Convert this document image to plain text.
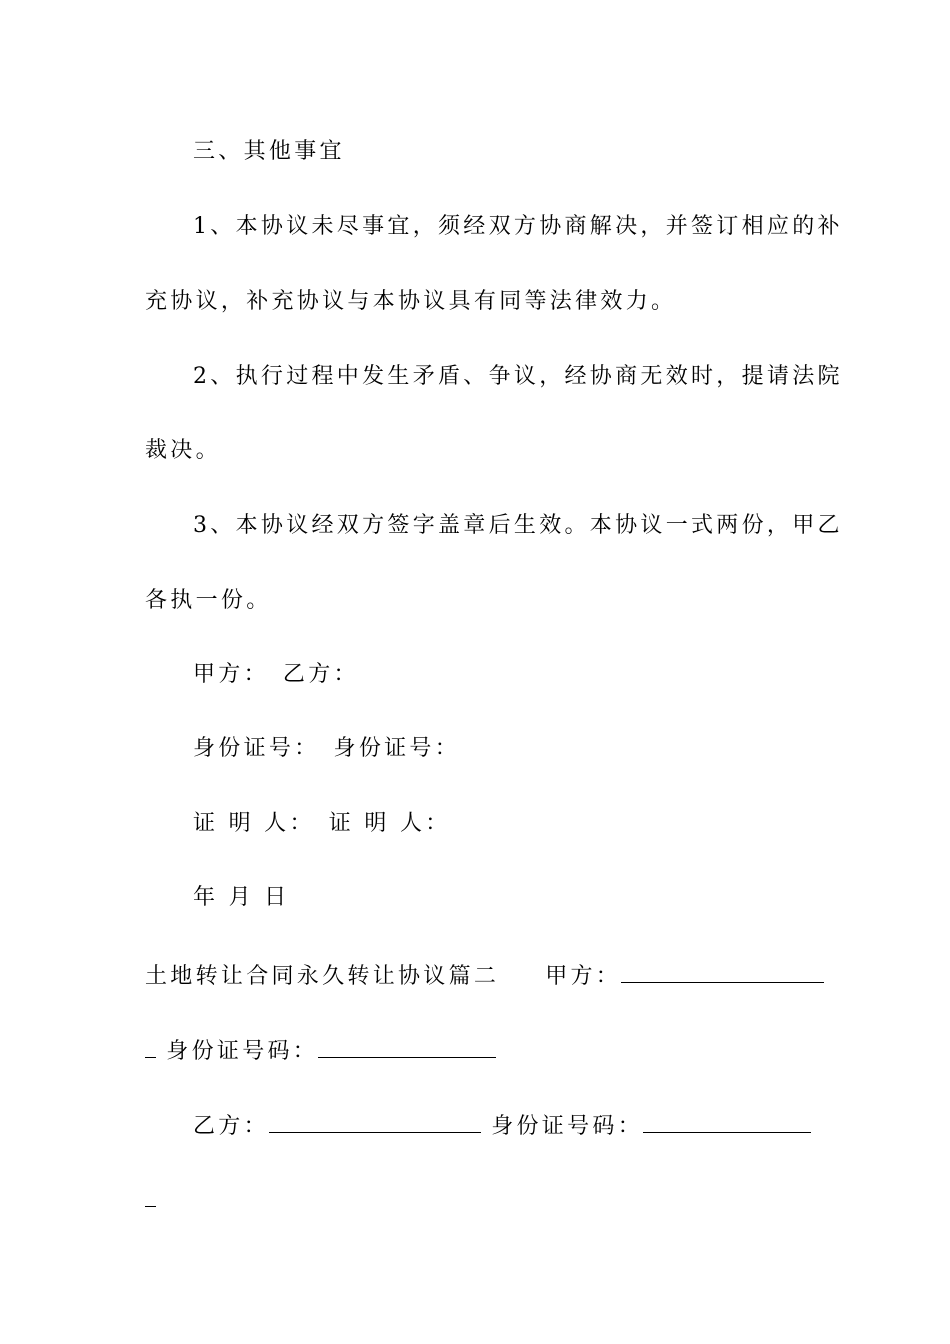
三、其他事宜
1、本协议未尽事宜，须经双方协商解决，并签订相应的补
充协议，补充协议与本协议具有同等法律效力。
2、执行过程中发生矛盾、争议，经协商无效时，提请法院
裁决。
3、本协议经双方签字盖章后生效。本协议一式两份，甲乙
各执一份。
甲方： 乙方：
身份证号： 身份证号：
证 明 人： 证 明 人：
年 月 日
土地转让合同永久转让协议篇二 甲方：
身份证号码：
乙方：	身份证号码：
